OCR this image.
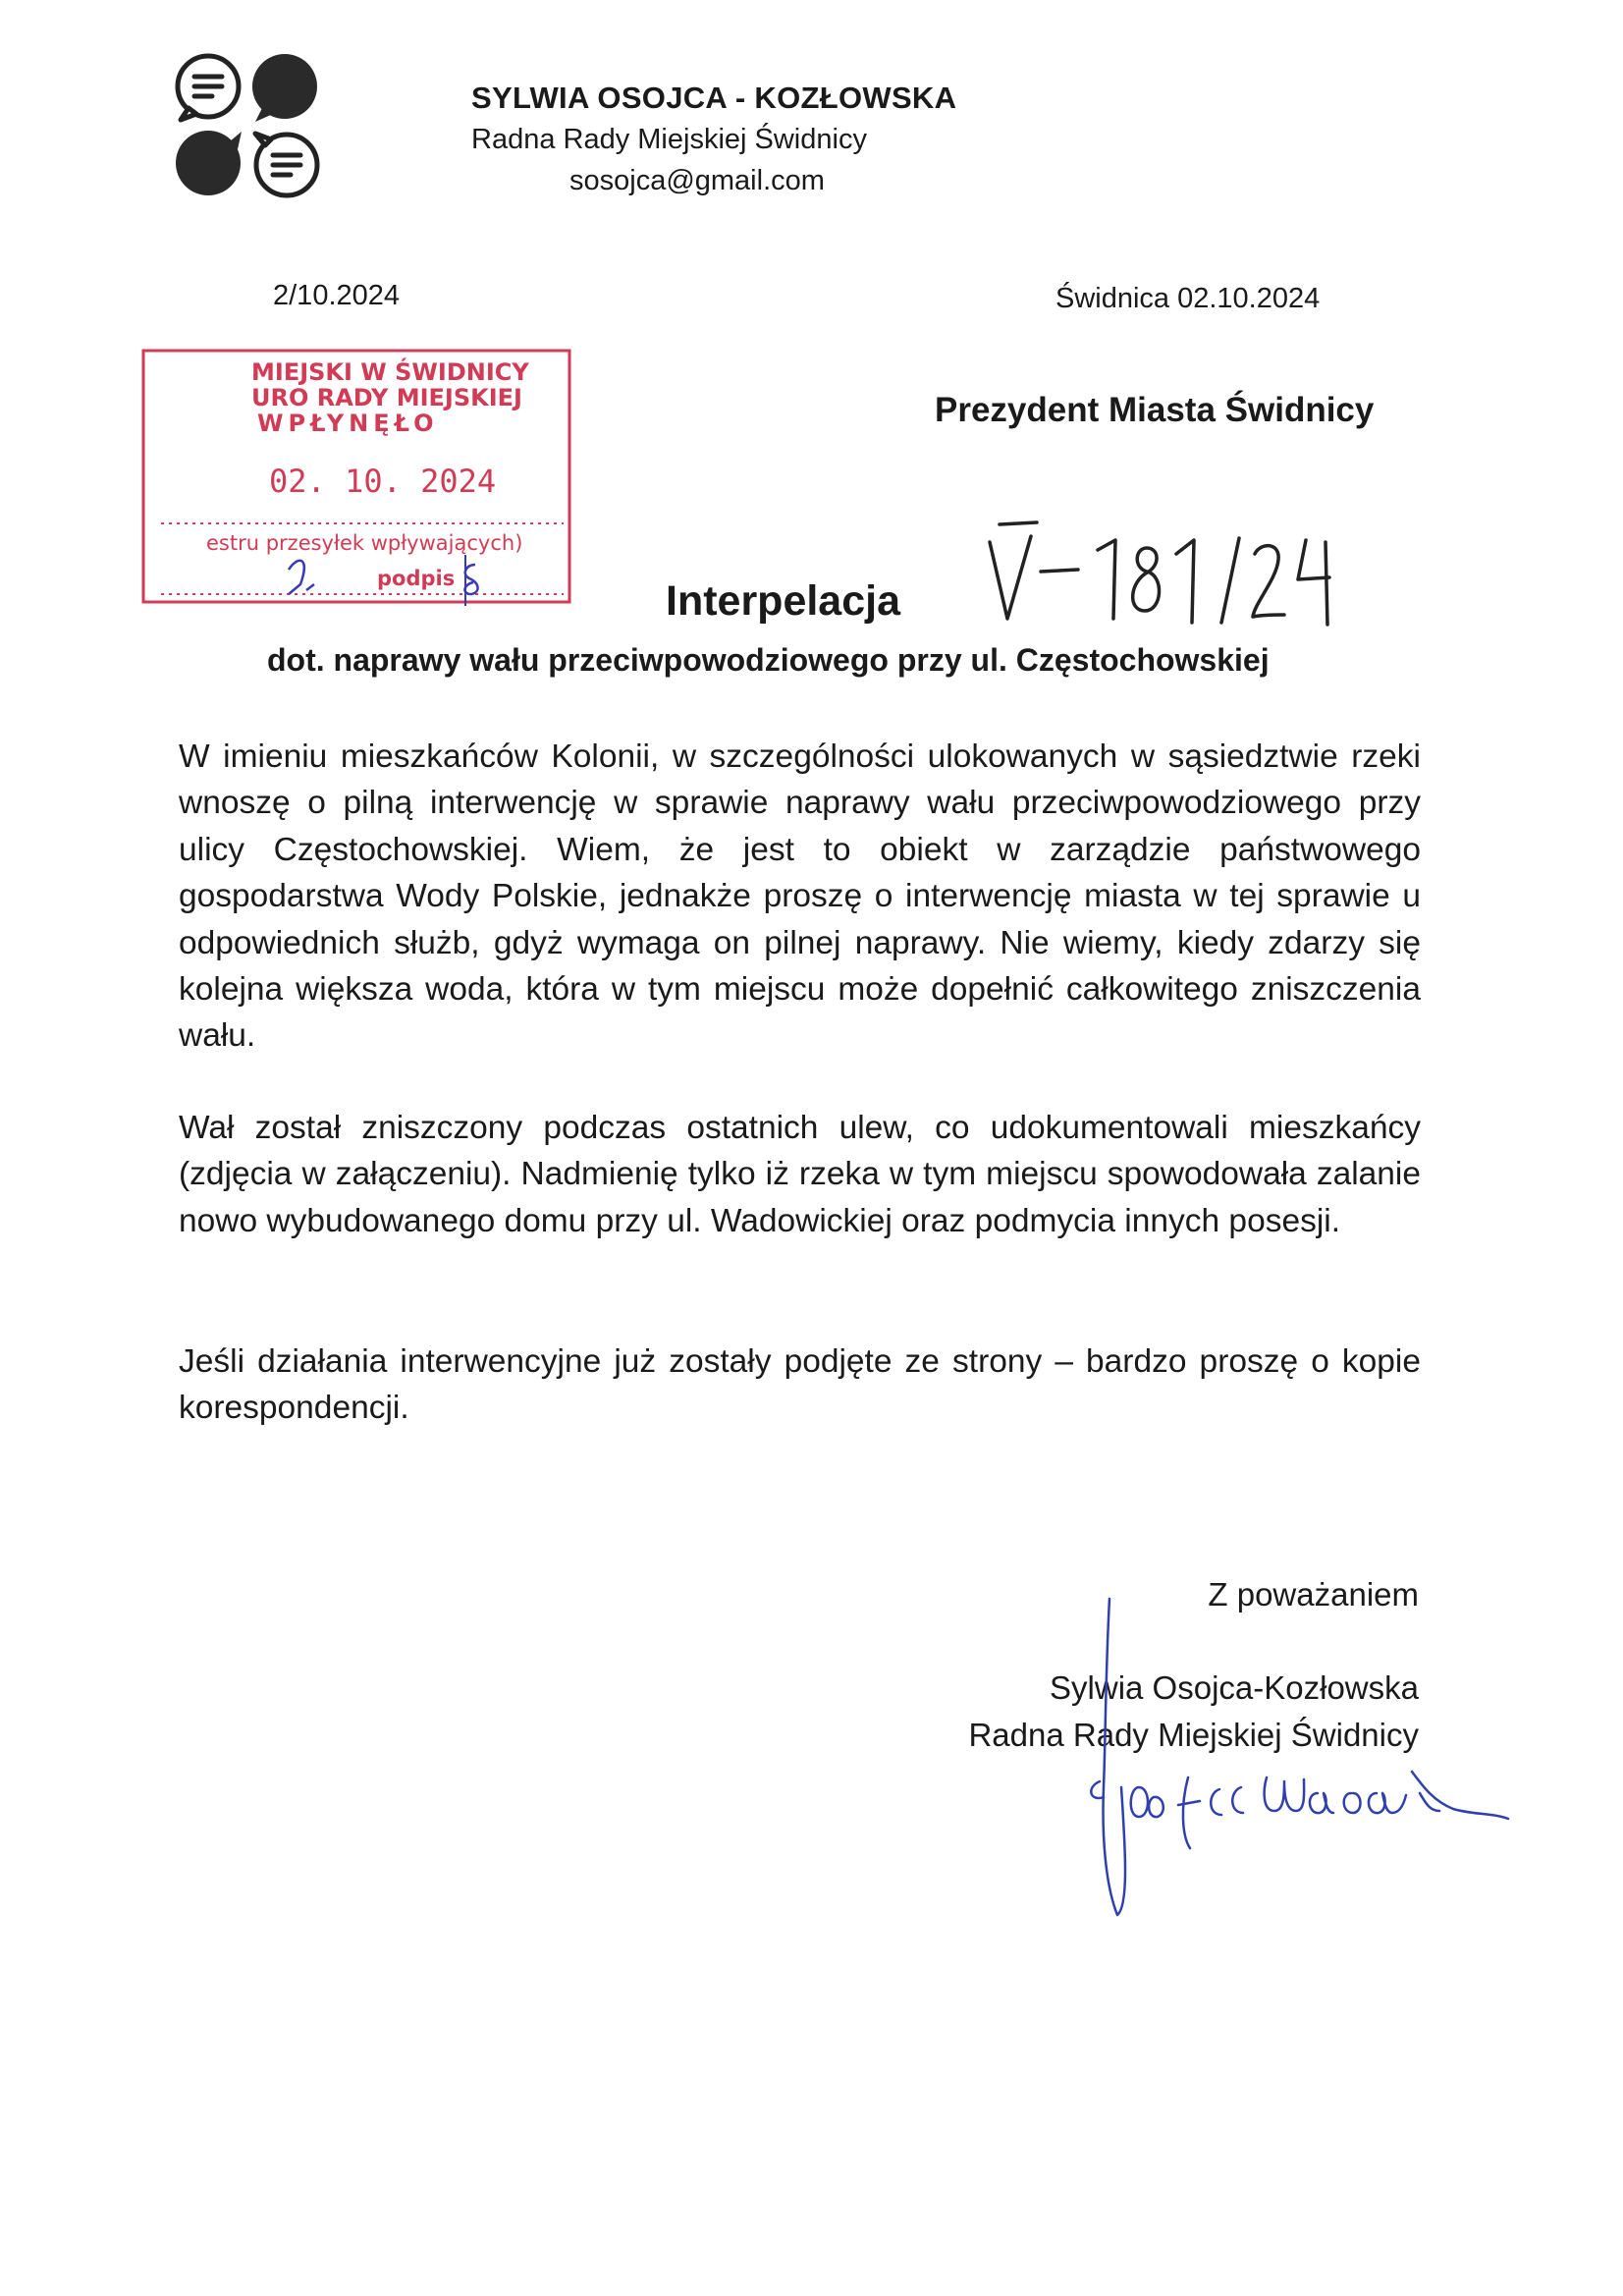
SYLWIA OSOJCA - KOZŁOWSKA
Radna Rady Miejskiej Świdnicy
sosojca@gmail.com
2/10.2024	Świdnica 02.10.2024
MIEJSKI W ŚWIDNICY
URO RADY MIEJSKIEJ
WPŁYNĘŁO
02. 10. 2024
estru przesyłek wpływających)
podpis
Prezydent Miasta Świdnicy
Interpelacja
dot. naprawy wału przeciwpowodziowego przy ul. Częstochowskiej

W imieniu mieszkańców Kolonii, w szczególności ulokowanych w sąsiedztwie rzeki wnoszę o pilną interwencję w sprawie naprawy wału przeciwpowodziowego przy ulicy Częstochowskiej. Wiem, że jest to obiekt w zarządzie państwowego gospodarstwa Wody Polskie, jednakże proszę o interwencję miasta w tej sprawie u odpowiednich służb, gdyż wymaga on pilnej naprawy. Nie wiemy, kiedy zdarzy się kolejna większa woda, która w tym miejscu może dopełnić całkowitego zniszczenia wału.

Wał został zniszczony podczas ostatnich ulew, co udokumentowali mieszkańcy (zdjęcia w załączeniu). Nadmienię tylko iż rzeka w tym miejscu spowodowała zalanie nowo wybudowanego domu przy ul. Wadowickiej oraz podmycia innych posesji.

Jeśli działania interwencyjne już zostały podjęte ze strony – bardzo proszę o kopie korespondencji.

Z poważaniem
Sylwia Osojca-Kozłowska
Radna Rady Miejskiej Świdnicy
